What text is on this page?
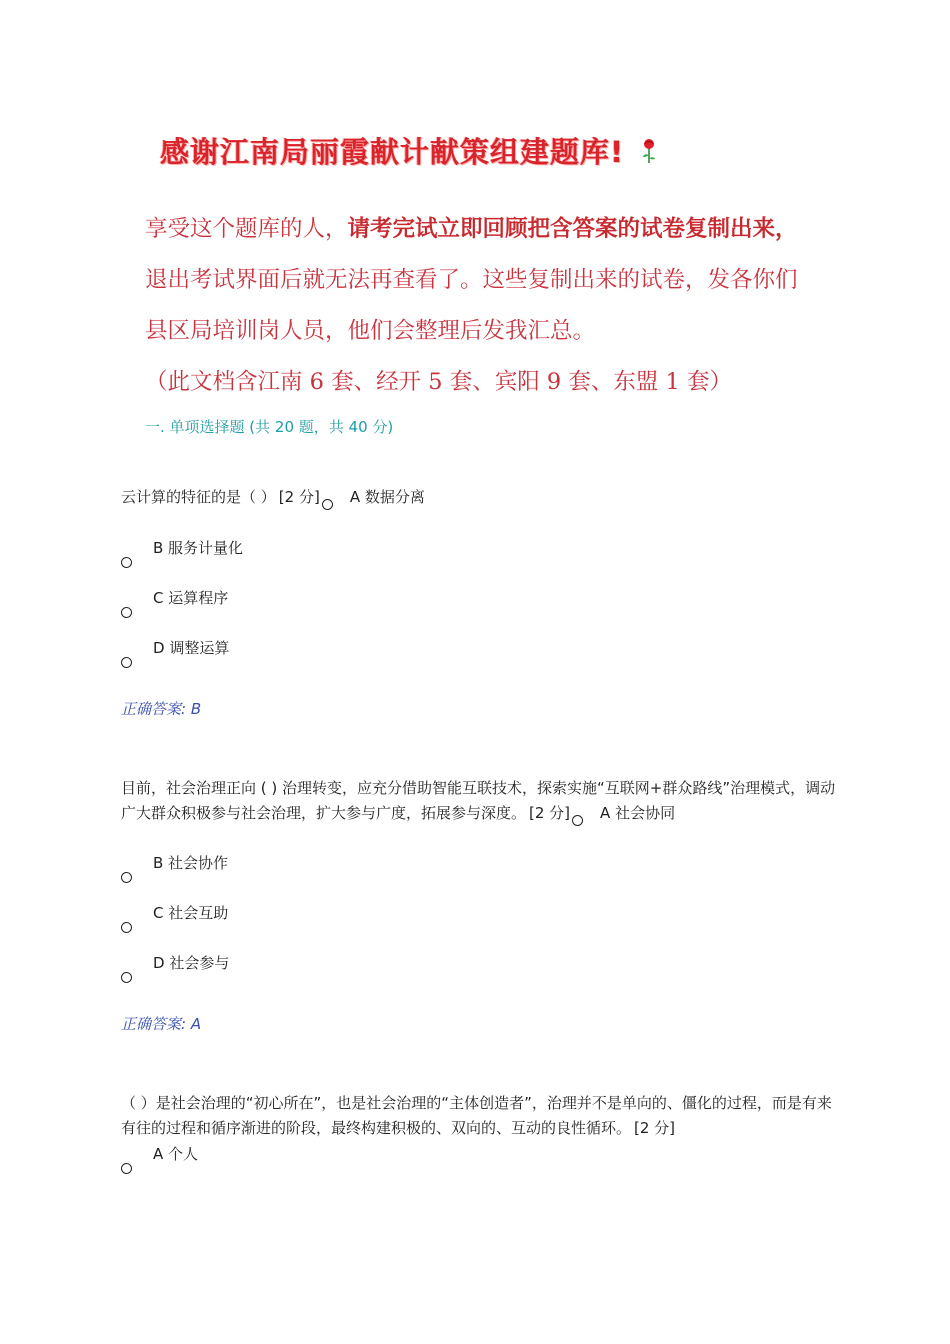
感谢江南局丽霞献计献策组建题库!
享受这个题库的人，请考完试立即回顾把含答案的试卷复制出来，退出考试界面后就无法再查看了。这些复制出来的试卷，发各你们县区局培训岗人员，他们会整理后发我汇总。
（此文档含江南 6 套、经开 5 套、宾阳 9 套、东盟 1 套）
一. 单项选择题 (共 20 题，共 40 分)
云计算的特征的是（ ） [2 分] A 数据分离
B 服务计量化
C 运算程序
D 调整运算
正确答案: B
目前，社会治理正向 ( ) 治理转变，应充分借助智能互联技术，探索实施“互联网+群众路线”治理模式，调动广大群众积极参与社会治理，扩大参与广度，拓展参与深度。 [2 分] A 社会协同
B 社会协作
C 社会互助
D 社会参与
正确答案: A
（ ）是社会治理的“初心所在”，也是社会治理的“主体创造者”，治理并不是单向的、僵化的过程，而是有来有往的过程和循序渐进的阶段，最终构建积极的、双向的、互动的良性循环。 [2 分]
A 个人
